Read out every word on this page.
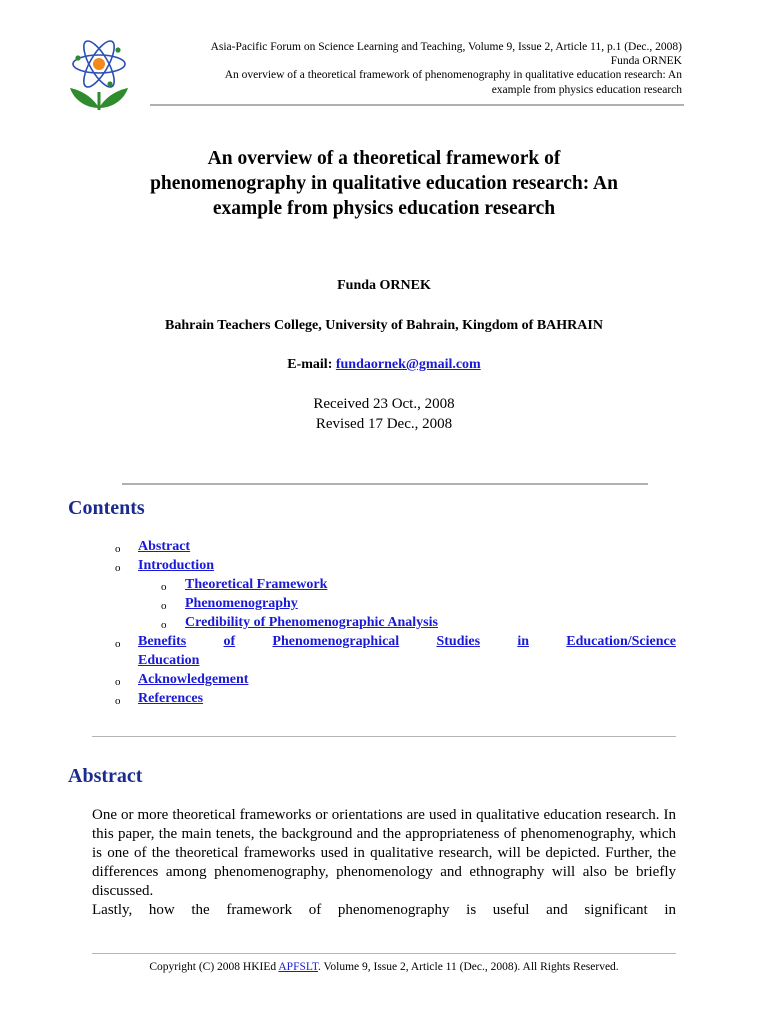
Asia-Pacific Forum on Science Learning and Teaching, Volume 9, Issue 2, Article 11, p.1 (Dec., 2008)
Funda ORNEK
An overview of a theoretical framework of phenomenography in qualitative education research: An
example from physics education research
An overview of a theoretical framework of
phenomenography in qualitative education research: An
example from physics education research
Funda ORNEK
Bahrain Teachers College, University of Bahrain, Kingdom of BAHRAIN
E-mail: fundaornek@gmail.com
Received 23 Oct., 2008
Revised 17 Dec., 2008
Contents
o Abstract
o Introduction
o Theoretical Framework
o Phenomenography
o Credibility of Phenomenographic Analysis
o Benefits	of	Phenomenographical	Studies	in	Education/Science
Education
o Acknowledgement
o References
Abstract
One or more theoretical frameworks or orientations are used in qualitative education research. In this paper, the main tenets, the background and the appropriateness of phenomenography, which is one of the theoretical frameworks used in qualitative research, will be depicted. Further, the differences among phenomenography, phenomenology and ethnography will also be briefly discussed.
Lastly, how the framework of phenomenography is useful and significant in
Copyright (C) 2008 HKIEd APFSLT. Volume 9, Issue 2, Article 11 (Dec., 2008). All Rights Reserved.
